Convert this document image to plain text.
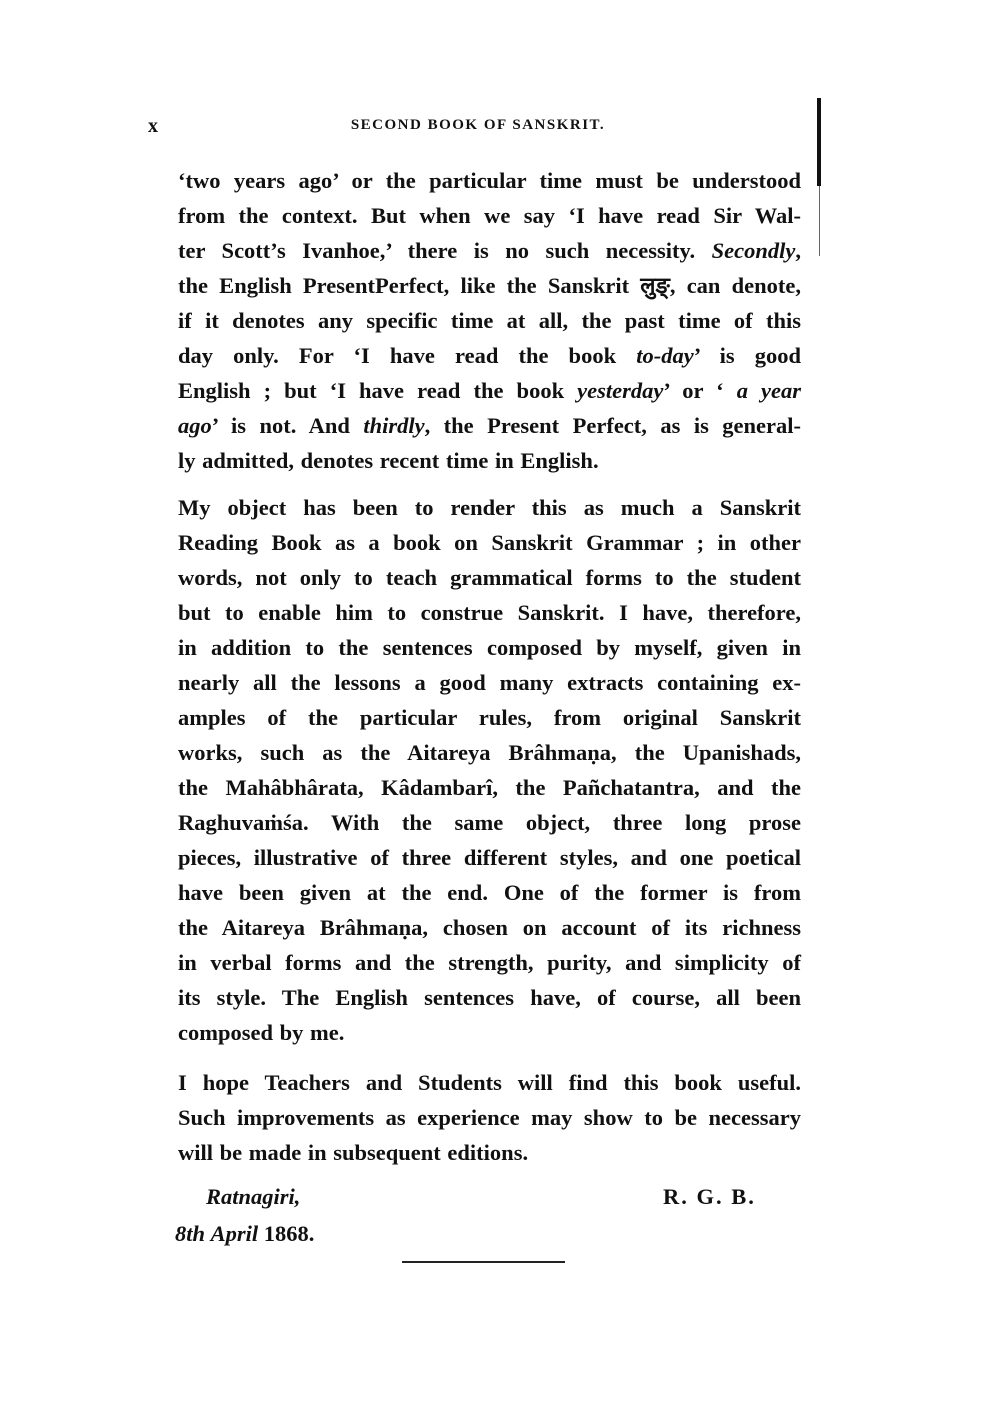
x	SECOND BOOK OF SANSKRIT.
‘two years ago’ or the particular time must be understood
from the context. But when we say ‘I have read Sir Wal-
ter Scott’s Ivanhoe,’ there is no such necessity. Secondly,
the English PresentPerfect, like the Sanskrit लुङ्, can denote,
if it denotes any specific time at all, the past time of this
day only. For ‘I have read the book to-day’ is good
English ; but ‘I have read the book yesterday’ or ‘ a year
ago’ is not. And thirdly, the Present Perfect, as is general-
ly admitted, denotes recent time in English.
My object has been to render this as much a Sanskrit
Reading Book as a book on Sanskrit Grammar ; in other
words, not only to teach grammatical forms to the student
but to enable him to construe Sanskrit. I have, therefore,
in addition to the sentences composed by myself, given in
nearly all the lessons a good many extracts containing ex-
amples of the particular rules, from original Sanskrit
works, such as the Aitareya Brâhmaṇa, the Upanishads,
the Mahâbhârata, Kâdambarî, the Pañchatantra, and the
Raghuvaṁśa. With the same object, three long prose
pieces, illustrative of three different styles, and one poetical
have been given at the end. One of the former is from
the Aitareya Brâhmaṇa, chosen on account of its richness
in verbal forms and the strength, purity, and simplicity of
its style. The English sentences have, of course, all been
composed by me.
I hope Teachers and Students will find this book useful.
Such improvements as experience may show to be necessary
will be made in subsequent editions.
Ratnagiri,
8th April 1868.
R. G. B.
